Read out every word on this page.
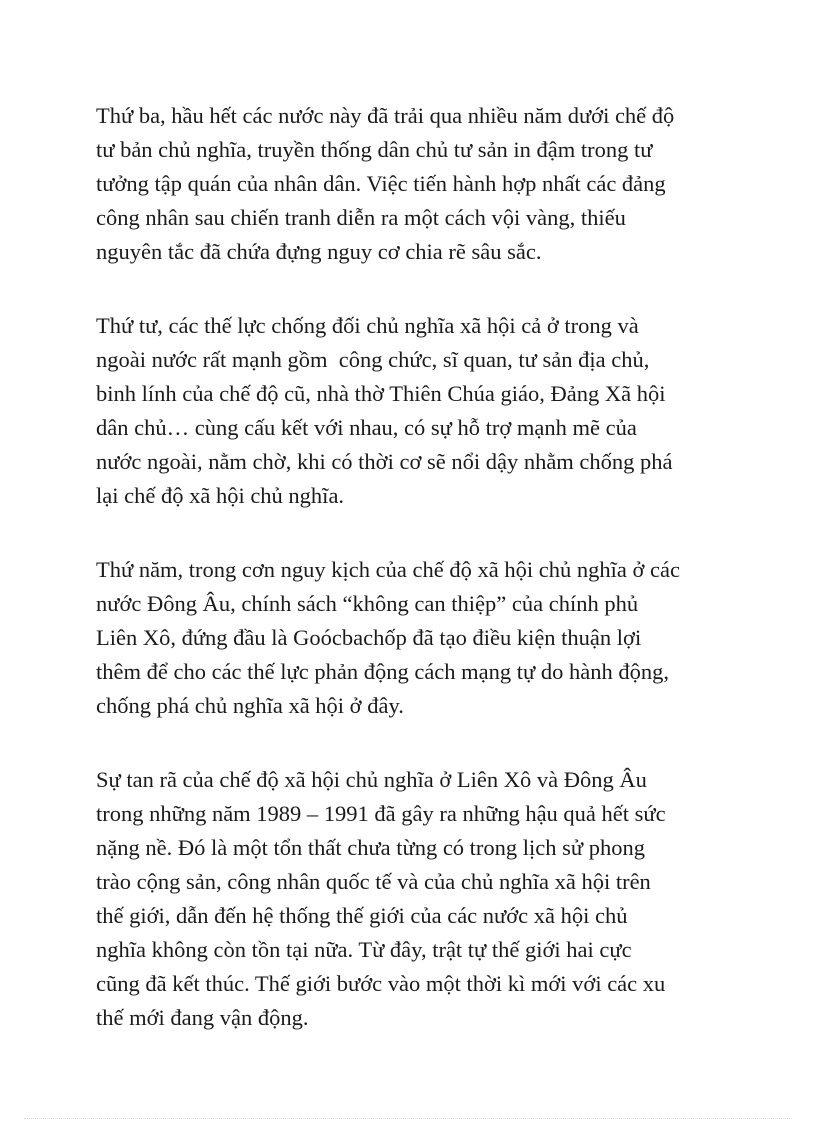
Thứ ba, hầu hết các nước này đã trải qua nhiều năm dưới chế độ
tư bản chủ nghĩa, truyền thống dân chủ tư sản in đậm trong tư
tưởng tập quán của nhân dân. Việc tiến hành hợp nhất các đảng
công nhân sau chiến tranh diễn ra một cách vội vàng, thiếu
nguyên tắc đã chứa đựng nguy cơ chia rẽ sâu sắc.

Thứ tư, các thế lực chống đối chủ nghĩa xã hội cả ở trong và
ngoài nước rất mạnh gồm  công chức, sĩ quan, tư sản địa chủ,
binh lính của chế độ cũ, nhà thờ Thiên Chúa giáo, Đảng Xã hội
dân chủ… cùng cấu kết với nhau, có sự hỗ trợ mạnh mẽ của
nước ngoài, nằm chờ, khi có thời cơ sẽ nổi dậy nhằm chống phá
lại chế độ xã hội chủ nghĩa.

Thứ năm, trong cơn nguy kịch của chế độ xã hội chủ nghĩa ở các
nước Đông Âu, chính sách “không can thiệp” của chính phủ
Liên Xô, đứng đầu là Goócbachốp đã tạo điều kiện thuận lợi
thêm để cho các thế lực phản động cách mạng tự do hành động,
chống phá chủ nghĩa xã hội ở đây.

Sự tan rã của chế độ xã hội chủ nghĩa ở Liên Xô và Đông Âu
trong những năm 1989 – 1991 đã gây ra những hậu quả hết sức
nặng nề. Đó là một tổn thất chưa từng có trong lịch sử phong
trào cộng sản, công nhân quốc tế và của chủ nghĩa xã hội trên
thế giới, dẫn đến hệ thống thế giới của các nước xã hội chủ
nghĩa không còn tồn tại nữa. Từ đây, trật tự thế giới hai cực
cũng đã kết thúc. Thế giới bước vào một thời kì mới với các xu
thế mới đang vận động.
